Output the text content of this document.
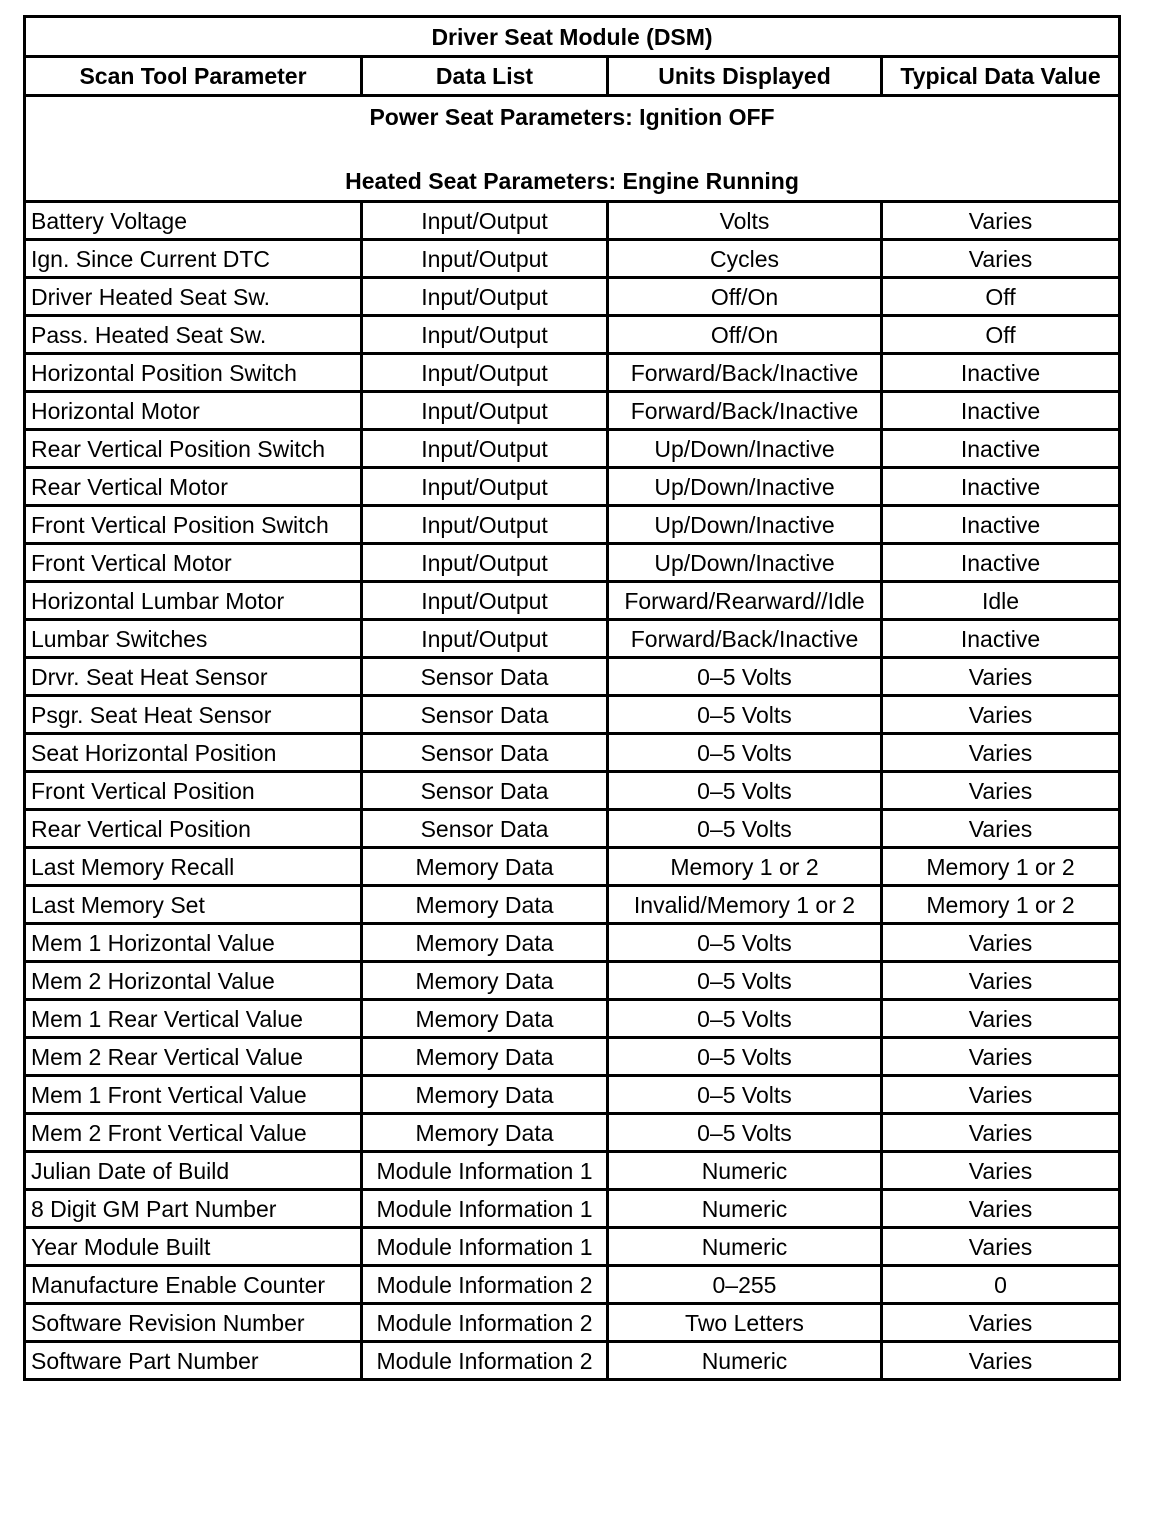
Driver Seat Module (DSM)			
Scan Tool Parameter	Data List	Units Displayed	Typical Data Value

Power Seat Parameters: Ignition OFF
Heated Seat Parameters: Engine Running			

Battery Voltage	Input/Output	Volts	Varies
Ign. Since Current DTC	Input/Output	Cycles	Varies
Driver Heated Seat Sw.	Input/Output	Off/On	Off
Pass. Heated Seat Sw.	Input/Output	Off/On	Off
Horizontal Position Switch	Input/Output	Forward/Back/Inactive	Inactive
Horizontal Motor	Input/Output	Forward/Back/Inactive	Inactive
Rear Vertical Position Switch	Input/Output	Up/Down/Inactive	Inactive
Rear Vertical Motor	Input/Output	Up/Down/Inactive	Inactive
Front Vertical Position Switch	Input/Output	Up/Down/Inactive	Inactive
Front Vertical Motor	Input/Output	Up/Down/Inactive	Inactive
Horizontal Lumbar Motor	Input/Output	Forward/Rearward//Idle	Idle
Lumbar Switches	Input/Output	Forward/Back/Inactive	Inactive
Drvr. Seat Heat Sensor	Sensor Data	0–5 Volts	Varies
Psgr. Seat Heat Sensor	Sensor Data	0–5 Volts	Varies
Seat Horizontal Position	Sensor Data	0–5 Volts	Varies
Front Vertical Position	Sensor Data	0–5 Volts	Varies
Rear Vertical Position	Sensor Data	0–5 Volts	Varies
Last Memory Recall	Memory Data	Memory 1 or 2	Memory 1 or 2
Last Memory Set	Memory Data	Invalid/Memory 1 or 2	Memory 1 or 2
Mem 1 Horizontal Value	Memory Data	0–5 Volts	Varies
Mem 2 Horizontal Value	Memory Data	0–5 Volts	Varies
Mem 1 Rear Vertical Value	Memory Data	0–5 Volts	Varies
Mem 2 Rear Vertical Value	Memory Data	0–5 Volts	Varies
Mem 1 Front Vertical Value	Memory Data	0–5 Volts	Varies
Mem 2 Front Vertical Value	Memory Data	0–5 Volts	Varies
Julian Date of Build	Module Information 1	Numeric	Varies
8 Digit GM Part Number	Module Information 1	Numeric	Varies
Year Module Built	Module Information 1	Numeric	Varies
Manufacture Enable Counter	Module Information 2	0–255	0
Software Revision Number	Module Information 2	Two Letters	Varies
Software Part Number	Module Information 2	Numeric	Varies
